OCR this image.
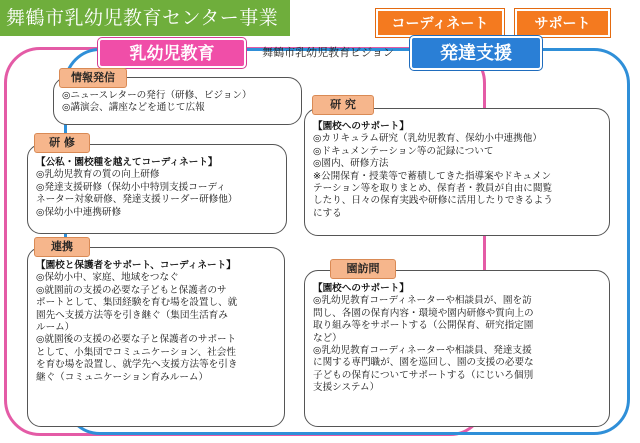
舞鶴市乳幼児教育センター事業	コーディネート	サポート
乳幼児教育	舞鶴市乳幼児教育ビジョン	発達支援
◎ニュースレターの発行（研修、ビジョン）
◎講演会、講座などを通じて広報
情報発信
【公私・園校種を越えてコーディネート】
◎乳幼児教育の質の向上研修
◎発達支援研修（保幼小中特別支援コーディ
ネーター対象研修、発達支援リーダー研修他）
◎保幼小中連携研修
研 修
【園校と保護者をサポート、コーディネート】
◎保幼小中、家庭、地域をつなぐ
◎就園前の支援の必要な子どもと保護者のサ
ポートとして、集団経験を育む場を設置し、就
園先へ支援方法等を引き継ぐ（集団生活育み
ルーム）
◎就園後の支援の必要な子と保護者のサポート
として、小集団でコミュニケーション、社会性
を育む場を設置し、就学先へ支援方法等を引き
継ぐ（コミュニケーション育みルーム）
連携
【園校へのサポート】
◎カリキュラム研究（乳幼児教育、保幼小中連携他）
◎ドキュメンテーション等の記録について
◎園内、研修方法
※公開保育・授業等で蓄積してきた指導案やドキュメン
テーション等を取りまとめ、保育者・教員が自由に閲覧
したり、日々の保育実践や研修に活用したりできるよう
にする
研 究
【園校へのサポート】
◎乳幼児教育コーディネーターや相談員が、園を訪
問し、各園の保育内容・環境や園内研修や質向上の
取り組み等をサポートする（公開保育、研究指定園
など）
◎乳幼児教育コーディネーターや相談員、発達支援
に関する専門職が、園を巡回し、園の支援の必要な
子どもの保育についてサポートする（にじいろ個別
支援システム）
園訪問
